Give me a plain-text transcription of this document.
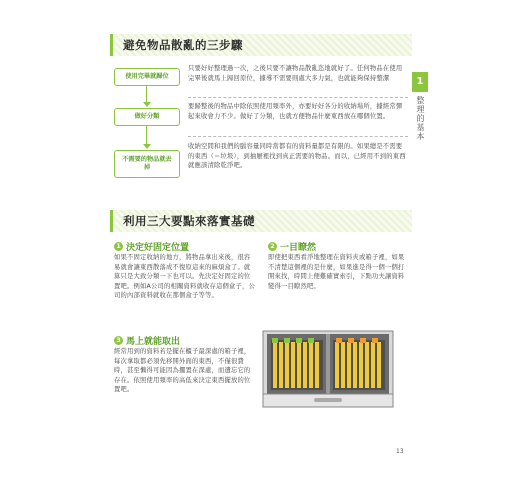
避免物品散亂的三步驟
1
整理的基本
使用完畢就歸位
做好分類
不需要的物品就丟掉
只要好好整理過一次，之後只要不讓物品散亂恣地就好了。任何物品在使用完畢後就馬上歸回原位，據導不需要則處大多力氣，也就能夠保持整潔
要歸整後的物品中除依照使用頻率外，亦要好好各分的收納場所，據經常彈起來收會力不少。做好了分類，也就方便物品什麼東西放在哪個位置。
收納空間和我們的腦容量同時當都有的資料量都是有限的。如果總是不需要的東西（＝垃圾），到抽屜裡找到真正需要的物品。而以，已經用不到的東西就應該清除乾淨吧。
利用三大要點來落實基礎
1 決定好固定位置
如果不固定收納的地方，將物品拿出來後，很容易就會讓東西散落成不復原這來的麻煩盒了。就算只是大致分類一下也可以。先決定好固定的位置吧。例如A公司的相關資料就收存這個盒子，公司的內部資料就收在那個盒子等等。
2 一目瞭然
即使把東西看淨地整理在資料夾或箱子裡，如果不清楚這個裡的是什麼，如果進是得一個一個打開來找，時間上便難確實索引，下點功夫讓資料變得一目瞭然吧。
3 馬上就能取出
經常用到的資料若是擺在櫃子最深處的箱子裡，每次拿取都必須先移開外面的東西，不僅很費時，甚至懶得可能因為擱置在深處，而遺忘它的存在。依照使用頻率的高低來決定東西擺放的位置吧。
13
